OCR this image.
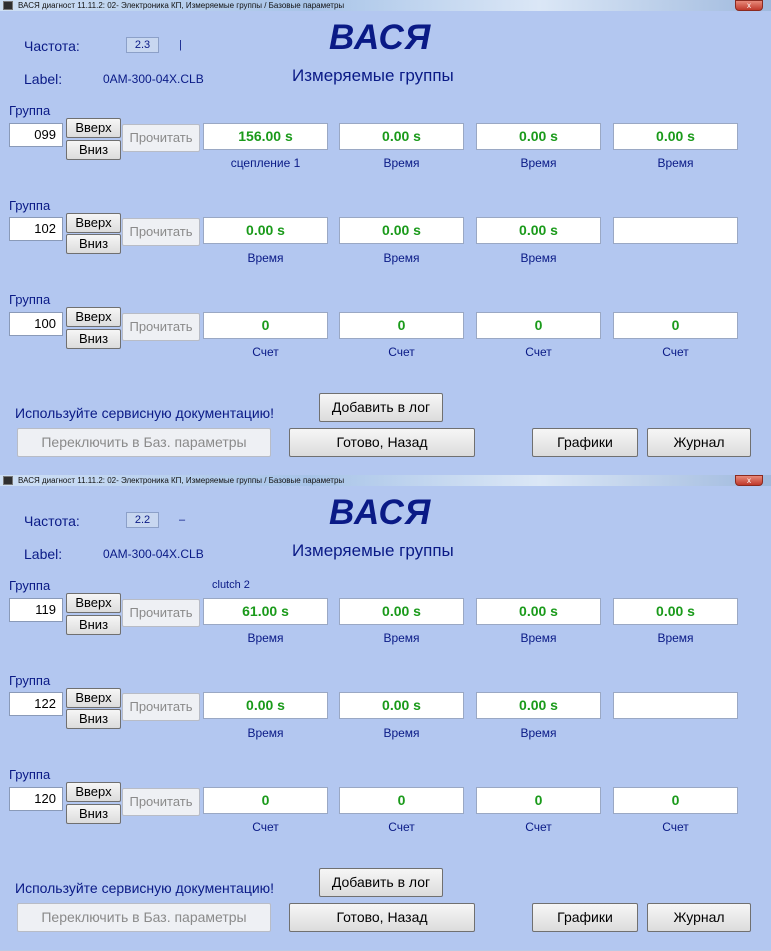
ВАСЯ диагност 11.11.2: 02- Электроника КП, Измеряемые группы / Базовые параметры	x
Частота:	2.3	|	ВАСЯ
Label:	0AM-300-04X.CLB	Измеряемые группы
Группа
099	Вверх
Вниз
Прочитать	156.00 s	0.00 s	0.00 s	0.00 s
сцепление 1	Время	Время	Время
Группа
102	Вверх
Вниз
Прочитать	0.00 s	0.00 s	0.00 s
Время	Время	Время
Группа
100	Вверх
Вниз
Прочитать	0	0	0	0
Счет	Счет	Счет	Счет
Используйте сервисную документацию!	Добавить в лог
Переключить в Баз. параметры	Готово, Назад	Графики	Журнал
ВАСЯ диагност 11.11.2: 02- Электроника КП, Измеряемые группы / Базовые параметры	x
Частота:	2.2	–	ВАСЯ
Label:	0AM-300-04X.CLB	Измеряемые группы
clutch 2
Группа
119	Вверх
Вниз
Прочитать	61.00 s	0.00 s	0.00 s	0.00 s
Время	Время	Время	Время
Группа
122	Вверх
Вниз
Прочитать	0.00 s	0.00 s	0.00 s
Время	Время	Время
Группа
120	Вверх
Вниз
Прочитать	0	0	0	0
Счет	Счет	Счет	Счет
Используйте сервисную документацию!	Добавить в лог
Переключить в Баз. параметры	Готово, Назад	Графики	Журнал
